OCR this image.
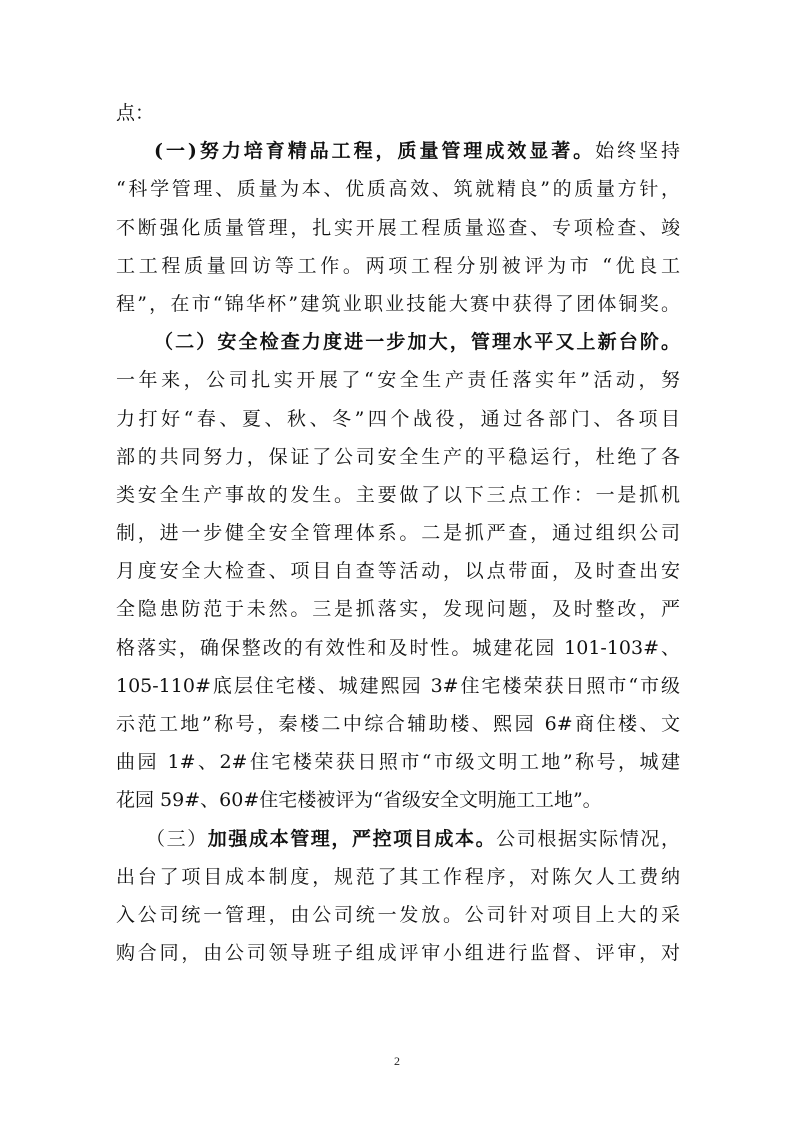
点：
(一)努力培育精品工程，质量管理成效显著。始终坚持
“科学管理、质量为本、优质高效、筑就精良”的质量方针，
不断强化质量管理，扎实开展工程质量巡查、专项检查、竣
工工程质量回访等工作。两项工程分别被评为市 “优良工
程”，在市“锦华杯”建筑业职业技能大赛中获得了团体铜奖。
（二）安全检查力度进一步加大，管理水平又上新台阶。
一年来，公司扎实开展了“安全生产责任落实年”活动，努
力打好“春、夏、秋、冬”四个战役，通过各部门、各项目
部的共同努力，保证了公司安全生产的平稳运行，杜绝了各
类安全生产事故的发生。主要做了以下三点工作：一是抓机
制，进一步健全安全管理体系。二是抓严查，通过组织公司
月度安全大检查、项目自查等活动，以点带面，及时查出安
全隐患防范于未然。三是抓落实，发现问题，及时整改，严
格落实，确保整改的有效性和及时性。城建花园 101-103#、
105-110#底层住宅楼、城建熙园 3#住宅楼荣获日照市“市级
示范工地”称号，秦楼二中综合辅助楼、熙园 6#商住楼、文
曲园 1#、2#住宅楼荣获日照市“市级文明工地”称号，城建
花园 59#、60#住宅楼被评为“省级安全文明施工工地”。
（三）加强成本管理，严控项目成本。公司根据实际情况，
出台了项目成本制度，规范了其工作程序，对陈欠人工费纳
入公司统一管理，由公司统一发放。公司针对项目上大的采
购合同，由公司领导班子组成评审小组进行监督、评审，对
2
